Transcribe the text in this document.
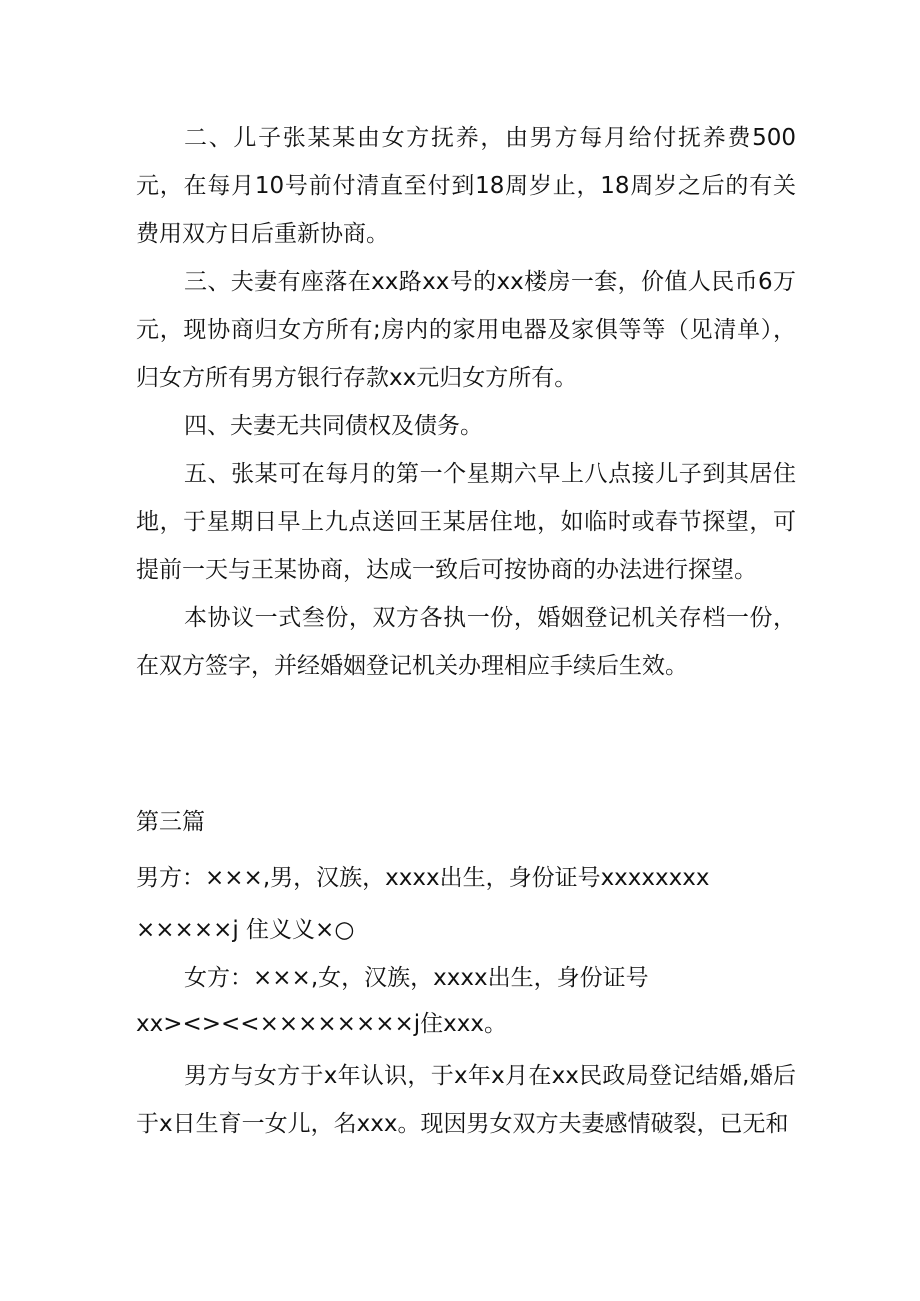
二、儿子张某某由女方抚养，由男方每月给付抚养费500元，在每月10号前付清直至付到18周岁止，18周岁之后的有关费用双方日后重新协商。

三、夫妻有座落在xx路xx号的xx楼房一套，价值人民币6万元，现协商归女方所有;房内的家用电器及家俱等等（见清单），归女方所有男方银行存款xx元归女方所有。

四、夫妻无共同债权及债务。

五、张某可在每月的第一个星期六早上八点接儿子到其居住地，于星期日早上九点送回王某居住地，如临时或春节探望，可提前一天与王某协商，达成一致后可按协商的办法进行探望。

本协议一式叁份，双方各执一份，婚姻登记机关存档一份，在双方签字，并经婚姻登记机关办理相应手续后生效。

第三篇

男方：×××,男，汉族，xxxx出生，身份证号xxxxxxxx

×××××j 住义义×○

女方：×××,女，汉族，xxxx出生，身份证号

xx><><<××××××××j住xxx。

男方与女方于x年认识，于x年x月在xx民政局登记结婚,婚后于x日生育一女儿，名xxx。现因男女双方夫妻感情破裂，已无和
